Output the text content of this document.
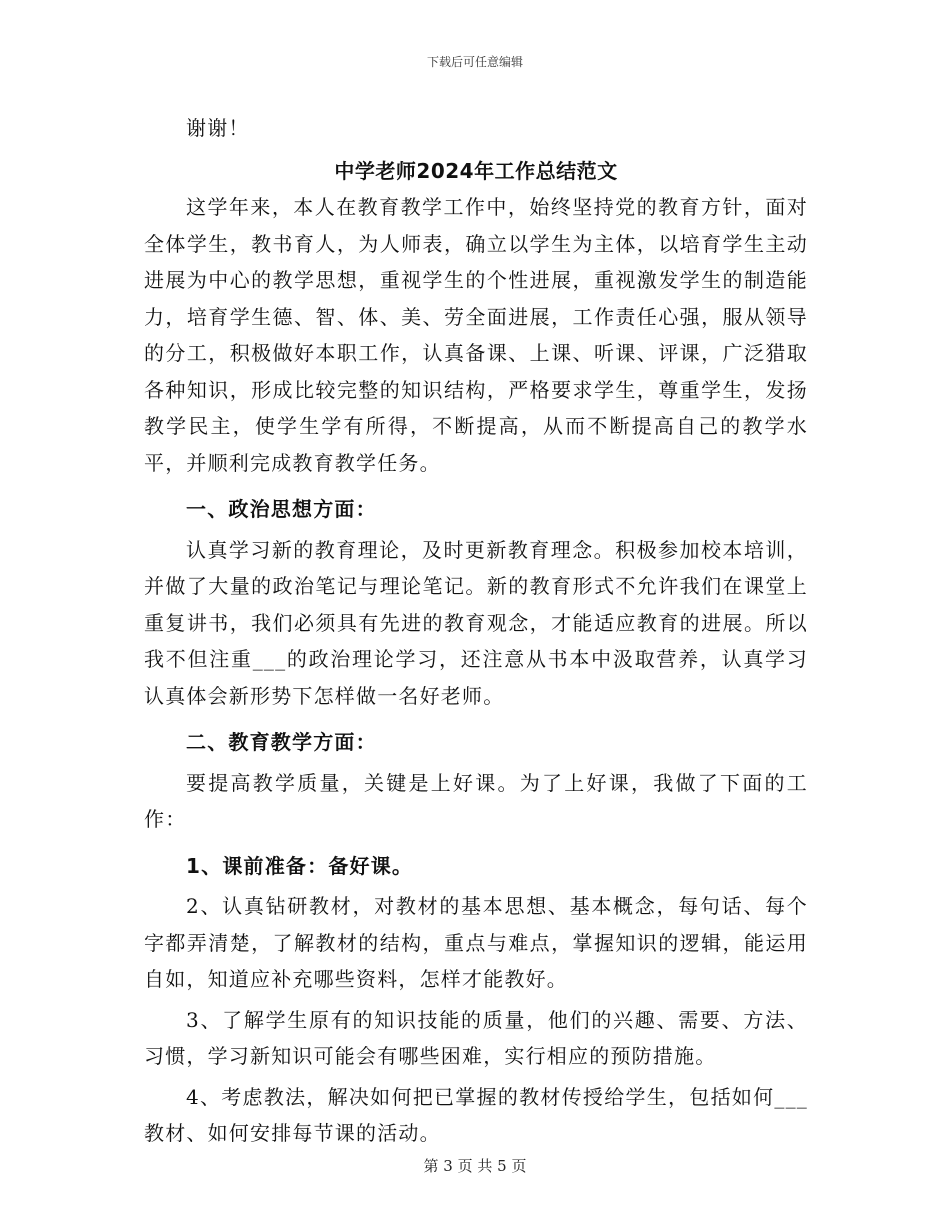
下载后可任意编辑

谢谢！

中学老师2024年工作总结范文

这学年来，本人在教育教学工作中，始终坚持党的教育方针，面对全体学生，教书育人，为人师表，确立以学生为主体，以培育学生主动进展为中心的教学思想，重视学生的个性进展，重视激发学生的制造能力，培育学生德、智、体、美、劳全面进展，工作责任心强，服从领导的分工，积极做好本职工作，认真备课、上课、听课、评课，广泛猎取各种知识，形成比较完整的知识结构，严格要求学生，尊重学生，发扬教学民主，使学生学有所得，不断提高，从而不断提高自己的教学水平，并顺利完成教育教学任务。

一、政治思想方面：

认真学习新的教育理论，及时更新教育理念。积极参加校本培训，并做了大量的政治笔记与理论笔记。新的教育形式不允许我们在课堂上重复讲书，我们必须具有先进的教育观念，才能适应教育的进展。所以我不但注重___的政治理论学习，还注意从书本中汲取营养，认真学习认真体会新形势下怎样做一名好老师。

二、教育教学方面：

要提高教学质量，关键是上好课。为了上好课，我做了下面的工作：

1、课前准备：备好课。

2、认真钻研教材，对教材的基本思想、基本概念，每句话、每个字都弄清楚，了解教材的结构，重点与难点，掌握知识的逻辑，能运用自如，知道应补充哪些资料，怎样才能教好。

3、了解学生原有的知识技能的质量，他们的兴趣、需要、方法、习惯，学习新知识可能会有哪些困难，实行相应的预防措施。

4、考虑教法，解决如何把已掌握的教材传授给学生，包括如何___教材、如何安排每节课的活动。

第 3 页 共 5 页
